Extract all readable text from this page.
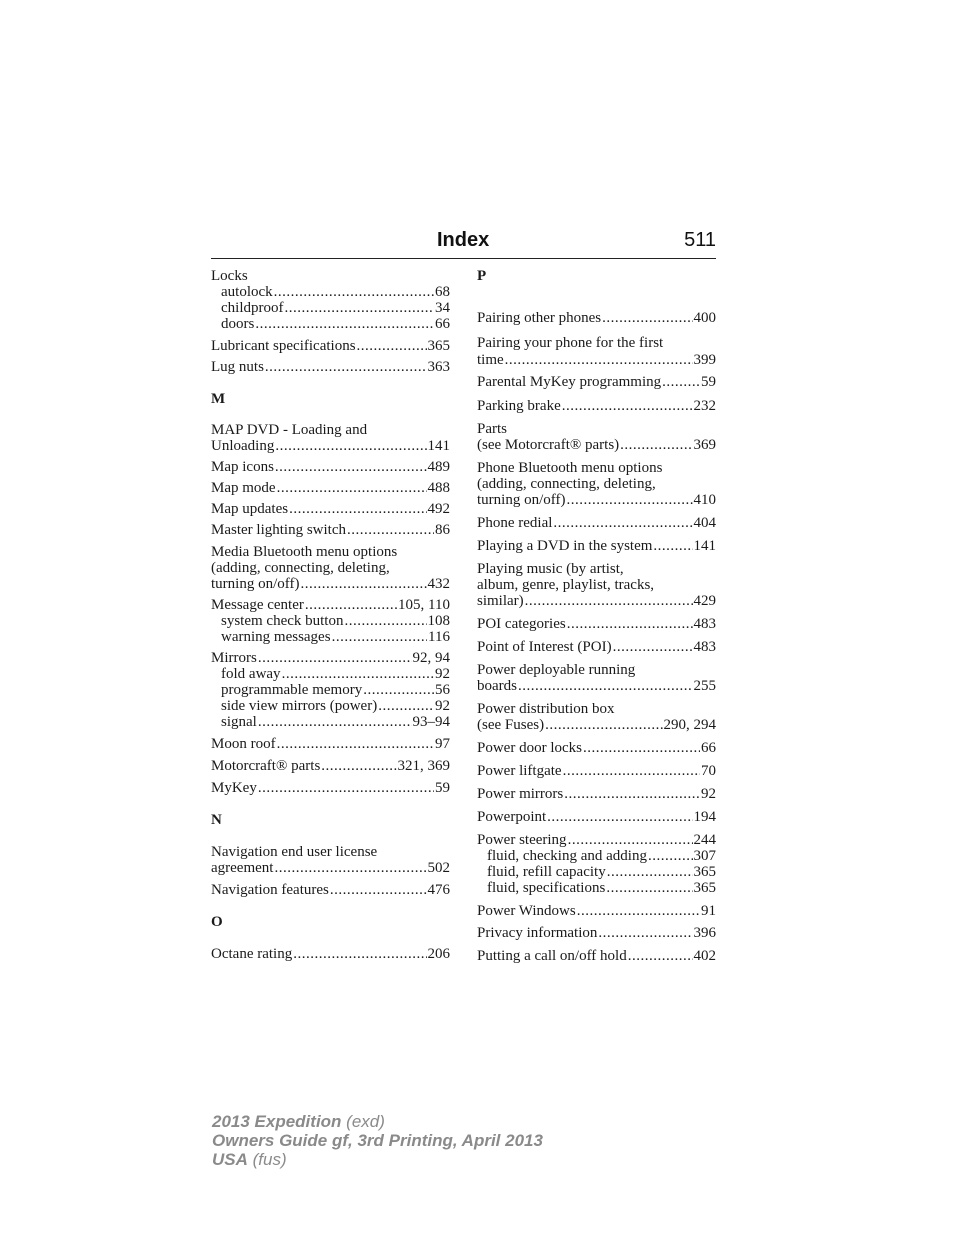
Index	511
Locks
autolock .....	68
childproof .....	34
doors .....	66
Lubricant specifications .....	365
Lug nuts .....	363
M
MAP DVD - Loading and
Unloading .....	141
Map icons .....	489
Map mode .....	488
Map updates .....	492
Master lighting switch .....	86
Media Bluetooth menu options
(adding, connecting, deleting,
turning on/off) .....	432
Message center .....	105, 110
system check button .....	108
warning messages .....	116
Mirrors .....	92, 94
fold away .....	92
programmable memory .....	56
side view mirrors (power) .....	92
signal .....	93–94
Moon roof .....	97
Motorcraft® parts .....	321, 369
MyKey .....	59
N
Navigation end user license
agreement .....	502
Navigation features .....	476
O
Octane rating .....	206
P
Pairing other phones .....	400
Pairing your phone for the first
time .....	399
Parental MyKey programming .....	59
Parking brake .....	232
Parts
(see Motorcraft® parts) .....	369
Phone Bluetooth menu options
(adding, connecting, deleting,
turning on/off) .....	410
Phone redial .....	404
Playing a DVD in the system .....	141
Playing music (by artist,
album, genre, playlist, tracks,
similar) .....	429
POI categories .....	483
Point of Interest (POI) .....	483
Power deployable running
boards .....	255
Power distribution box
(see Fuses) .....	290, 294
Power door locks .....	66
Power liftgate .....	70
Power mirrors .....	92
Powerpoint .....	194
Power steering .....	244
fluid, checking and adding .....	307
fluid, refill capacity .....	365
fluid, specifications .....	365
Power Windows .....	91
Privacy information .....	396
Putting a call on/off hold .....	402
2013 Expedition (exd)
Owners Guide gf, 3rd Printing, April 2013
USA (fus)
